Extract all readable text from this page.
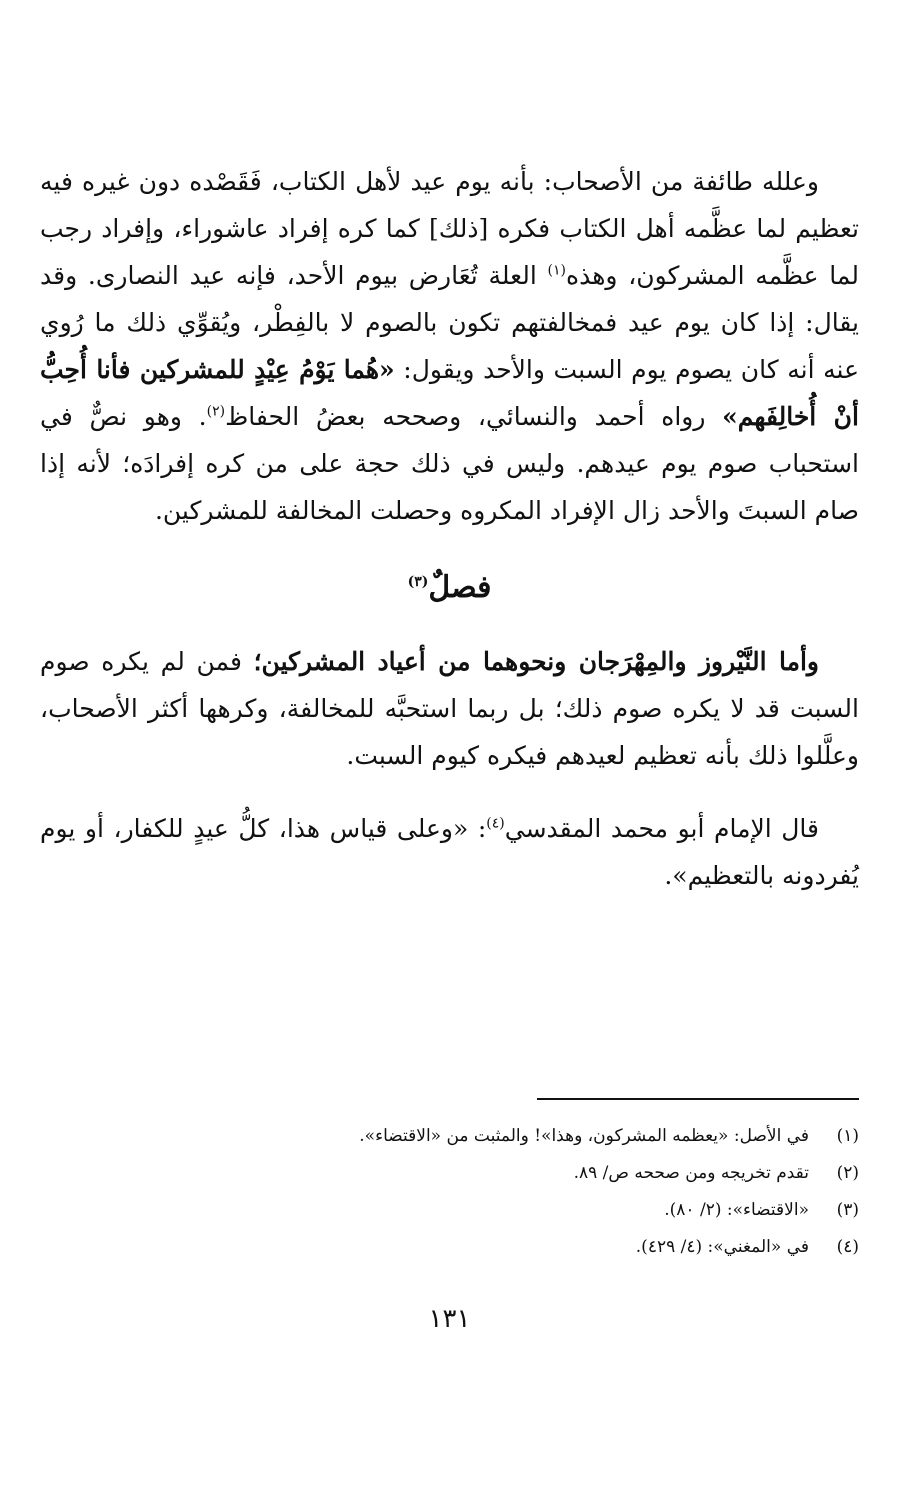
وعلله طائفة من الأصحاب: بأنه يوم عيد لأهل الكتاب، فَقَصْده دون غيره فيه تعظيم لما عظَّمه أهل الكتاب فكره [ذلك] كما كره إفراد عاشوراء، وإفراد رجب لما عظَّمه المشركون، وهذه$^{(١)}$ العلة تُعَارض بيوم الأحد، فإنه عيد النصارى. وقد يقال: إذا كان يوم عيد فمخالفتهم تكون بالصوم لا بالفِطْر، ويُقوِّي ذلك ما رُوي عنه أنه كان يصوم يوم السبت والأحد ويقول: «هُما يَوْمُ عِيْدٍ للمشركين فأنا أُحِبُّ أنْ أُخالِفَهم» رواه أحمد والنسائي، وصححه بعضُ الحفاظ$^{(٢)}$. وهو نصٌّ في استحباب صوم يوم عيدهم. وليس في ذلك حجة على من كره إفرادَه؛ لأنه إذا صام السبتَ والأحد زال الإفراد المكروه وحصلت المخالفة للمشركين.

فصلٌ$^{(٣)}$

وأما النَّيْروز والمِهْرَجان ونحوهما من أعياد المشركين؛ فمن لم يكره صوم السبت قد لا يكره صوم ذلك؛ بل ربما استحبَّه للمخالفة، وكرهها أكثر الأصحاب، وعلَّلوا ذلك بأنه تعظيم لعيدهم فيكره كيوم السبت.

قال الإمام أبو محمد المقدسي$^{(٤)}$: «وعلى قياس هذا، كلُّ عيدٍ للكفار، أو يوم يُفردونه بالتعظيم».

(١)في الأصل: «يعظمه المشركون، وهذا»! والمثبت من «الاقتضاء».
(٢)تقدم تخريجه ومن صححه ص/ ٨٩.
(٣)«الاقتضاء»: (٢/ ٨٠).
(٤)في «المغني»: (٤/ ٤٢٩).
١٣١
